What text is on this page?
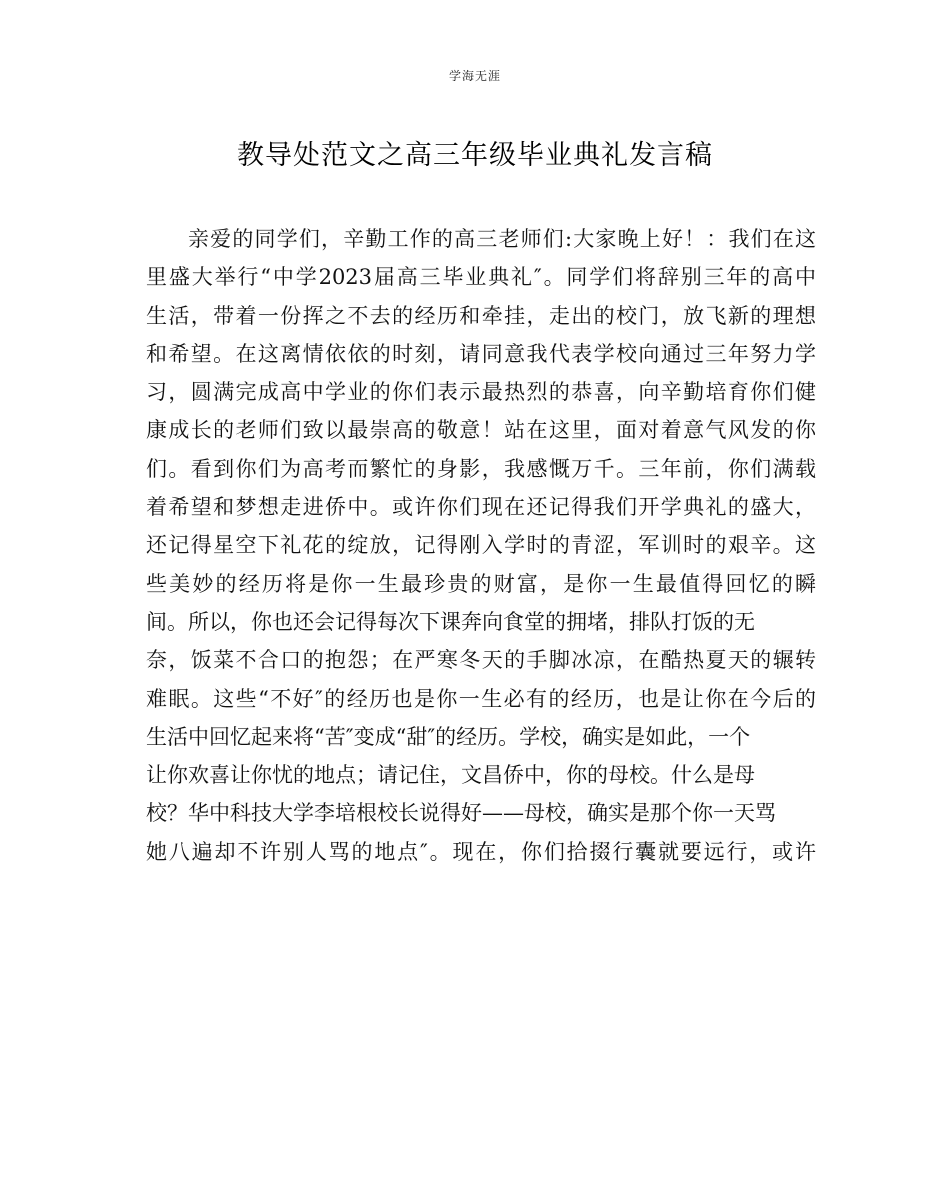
学海无涯
教导处范文之高三年级毕业典礼发言稿
亲爱的同学们，辛勤工作的高三老师们:大家晚上好！：我们在这
里盛大举行“中学2023届高三毕业典礼″。同学们将辞别三年的高中
生活，带着一份挥之不去的经历和牵挂，走出的校门，放飞新的理想
和希望。在这离情依依的时刻，请同意我代表学校向通过三年努力学
习，圆满完成高中学业的你们表示最热烈的恭喜，向辛勤培育你们健
康成长的老师们致以最崇高的敬意！站在这里，面对着意气风发的你
们。看到你们为高考而繁忙的身影，我感慨万千。三年前，你们满载
着希望和梦想走进侨中。或许你们现在还记得我们开学典礼的盛大，
还记得星空下礼花的绽放，记得刚入学时的青涩，军训时的艰辛。这
些美妙的经历将是你一生最珍贵的财富，是你一生最值得回忆的瞬
间。所以，你也还会记得每次下课奔向食堂的拥堵，排队打饭的无
奈，饭菜不合口的抱怨；在严寒冬天的手脚冰凉，在酷热夏天的辗转
难眠。这些“不好″的经历也是你一生必有的经历，也是让你在今后的
生活中回忆起来将“苦″变成“甜″的经历。学校，确实是如此，一个
让你欢喜让你忧的地点；请记住，文昌侨中，你的母校。什么是母
校？华中科技大学李培根校长说得好——母校，确实是那个你一天骂
她八遍却不许别人骂的地点″。现在，你们拾掇行囊就要远行，或许
